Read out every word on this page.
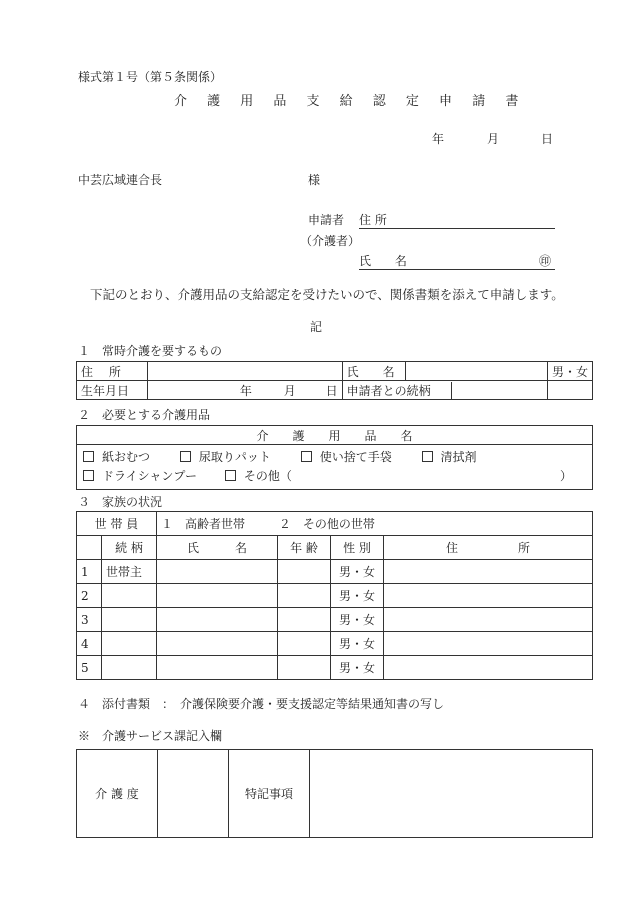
様式第１号（第５条関係）
介 護 用 品 支 給 認 定 申 請 書
年	月	日
中芸広域連合長	様
申請者 住 所
（介護者）
氏 名	㊞
下記のとおり、介護用品の支給認定を受けたいので、関係書類を添えて申請します。
記
１　常時介護を要するもの
住　 所		氏　　名		男・女
生年月日	年 月 日	申請者との続柄		
２　必要とする介護用品
介　　護　　用　　品　　名

紙おむつ	尿取りパット	使い捨て手袋	清拭剤
ドライシャンプー	その他（	）
３　家族の状況
世 帯 員		１　高齢者世帯 ２　その他の世帯			
	続 柄	氏　　　名	年 齢	性 別	住　　　　　所
1	世帯主			男・女	
2				男・女	
3				男・女	
4				男・女	
5				男・女	
４　添付書類　：　介護保険要介護・要支援認定等結果通知書の写し
※　介護サービス課記入欄
介 護 度		特記事項	
